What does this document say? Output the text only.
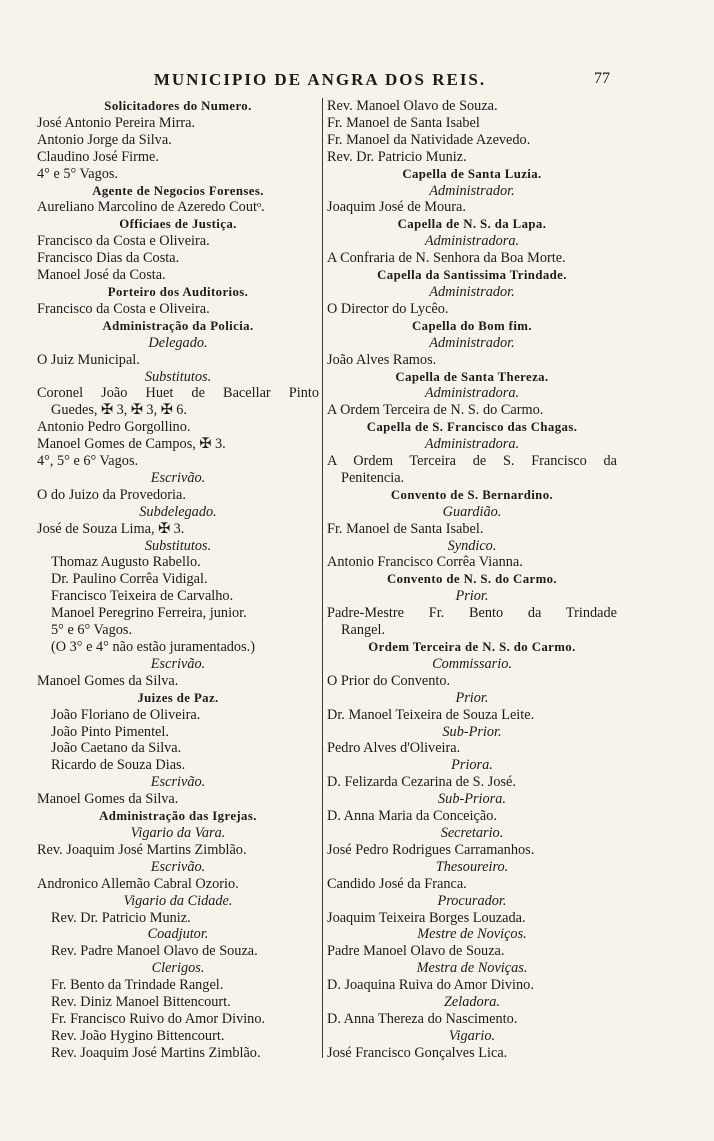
MUNICIPIO DE ANGRA DOS REIS.	77
Solicitadores do Numero.
José Antonio Pereira Mirra.
Antonio Jorge da Silva.
Claudino José Firme.
4° e 5° Vagos.
Agente de Negocios Forenses.
Aureliano Marcolino de Azeredo Coutᵒ.
Officiaes de Justiça.
Francisco da Costa e Oliveira.
Francisco Dias da Costa.
Manoel José da Costa.
Porteiro dos Auditorios.
Francisco da Costa e Oliveira.
Administração da Policia.
Delegado.
O Juiz Municipal.
Substitutos.
Coronel João Huet de Bacellar Pinto
Guedes, ✠ 3, ✠ 3, ✠ 6.
Antonio Pedro Gorgollino.
Manoel Gomes de Campos, ✠ 3.
4°, 5° e 6° Vagos.
Escrivão.
O do Juizo da Provedoria.
Subdelegado.
José de Souza Lima, ✠ 3.
Substitutos.
Thomaz Augusto Rabello.
Dr. Paulino Corrêa Vidigal.
Francisco Teixeira de Carvalho.
Manoel Peregrino Ferreira, junior.
5° e 6° Vagos.
(O 3° e 4° não estão juramentados.)
Escrivão.
Manoel Gomes da Silva.
Juizes de Paz.
João Floriano de Oliveira.
João Pinto Pimentel.
João Caetano da Silva.
Ricardo de Souza Dias.
Escrivão.
Manoel Gomes da Silva.
Administração das Igrejas.
Vigario da Vara.
Rev. Joaquim José Martins Zimblão.
Escrivão.
Andronico Allemão Cabral Ozorio.
Vigario da Cidade.
Rev. Dr. Patricio Muniz.
Coadjutor.
Rev. Padre Manoel Olavo de Souza.
Clerigos.
Fr. Bento da Trindade Rangel.
Rev. Diniz Manoel Bittencourt.
Fr. Francisco Ruivo do Amor Divino.
Rev. João Hygino Bittencourt.
Rev. Joaquim José Martins Zimblão.
Rev. Manoel Olavo de Souza.
Fr. Manoel de Santa Isabel
Fr. Manoel da Natividade Azevedo.
Rev. Dr. Patricio Muniz.
Capella de Santa Luzia.
Administrador.
Joaquim José de Moura.
Capella de N. S. da Lapa.
Administradora.
A Confraria de N. Senhora da Boa Morte.
Capella da Santissima Trindade.
Administrador.
O Director do Lycêo.
Capella do Bom fim.
Administrador.
João Alves Ramos.
Capella de Santa Thereza.
Administradora.
A Ordem Terceira de N. S. do Carmo.
Capella de S. Francisco das Chagas.
Administradora.
A Ordem Terceira de S. Francisco da
Penitencia.
Convento de S. Bernardino.
Guardião.
Fr. Manoel de Santa Isabel.
Syndico.
Antonio Francisco Corrêa Vianna.
Convento de N. S. do Carmo.
Prior.
Padre-Mestre Fr. Bento da Trindade
Rangel.
Ordem Terceira de N. S. do Carmo.
Commissario.
O Prior do Convento.
Prior.
Dr. Manoel Teixeira de Souza Leite.
Sub-Prior.
Pedro Alves d'Oliveira.
Priora.
D. Felizarda Cezarina de S. José.
Sub-Priora.
D. Anna Maria da Conceição.
Secretario.
José Pedro Rodrigues Carramanhos.
Thesoureiro.
Candido José da Franca.
Procurador.
Joaquim Teixeira Borges Louzada.
Mestre de Noviços.
Padre Manoel Olavo de Souza.
Mestra de Noviças.
D. Joaquina Ruiva do Amor Divino.
Zeladora.
D. Anna Thereza do Nascimento.
Vigario.
José Francisco Gonçalves Lica.
